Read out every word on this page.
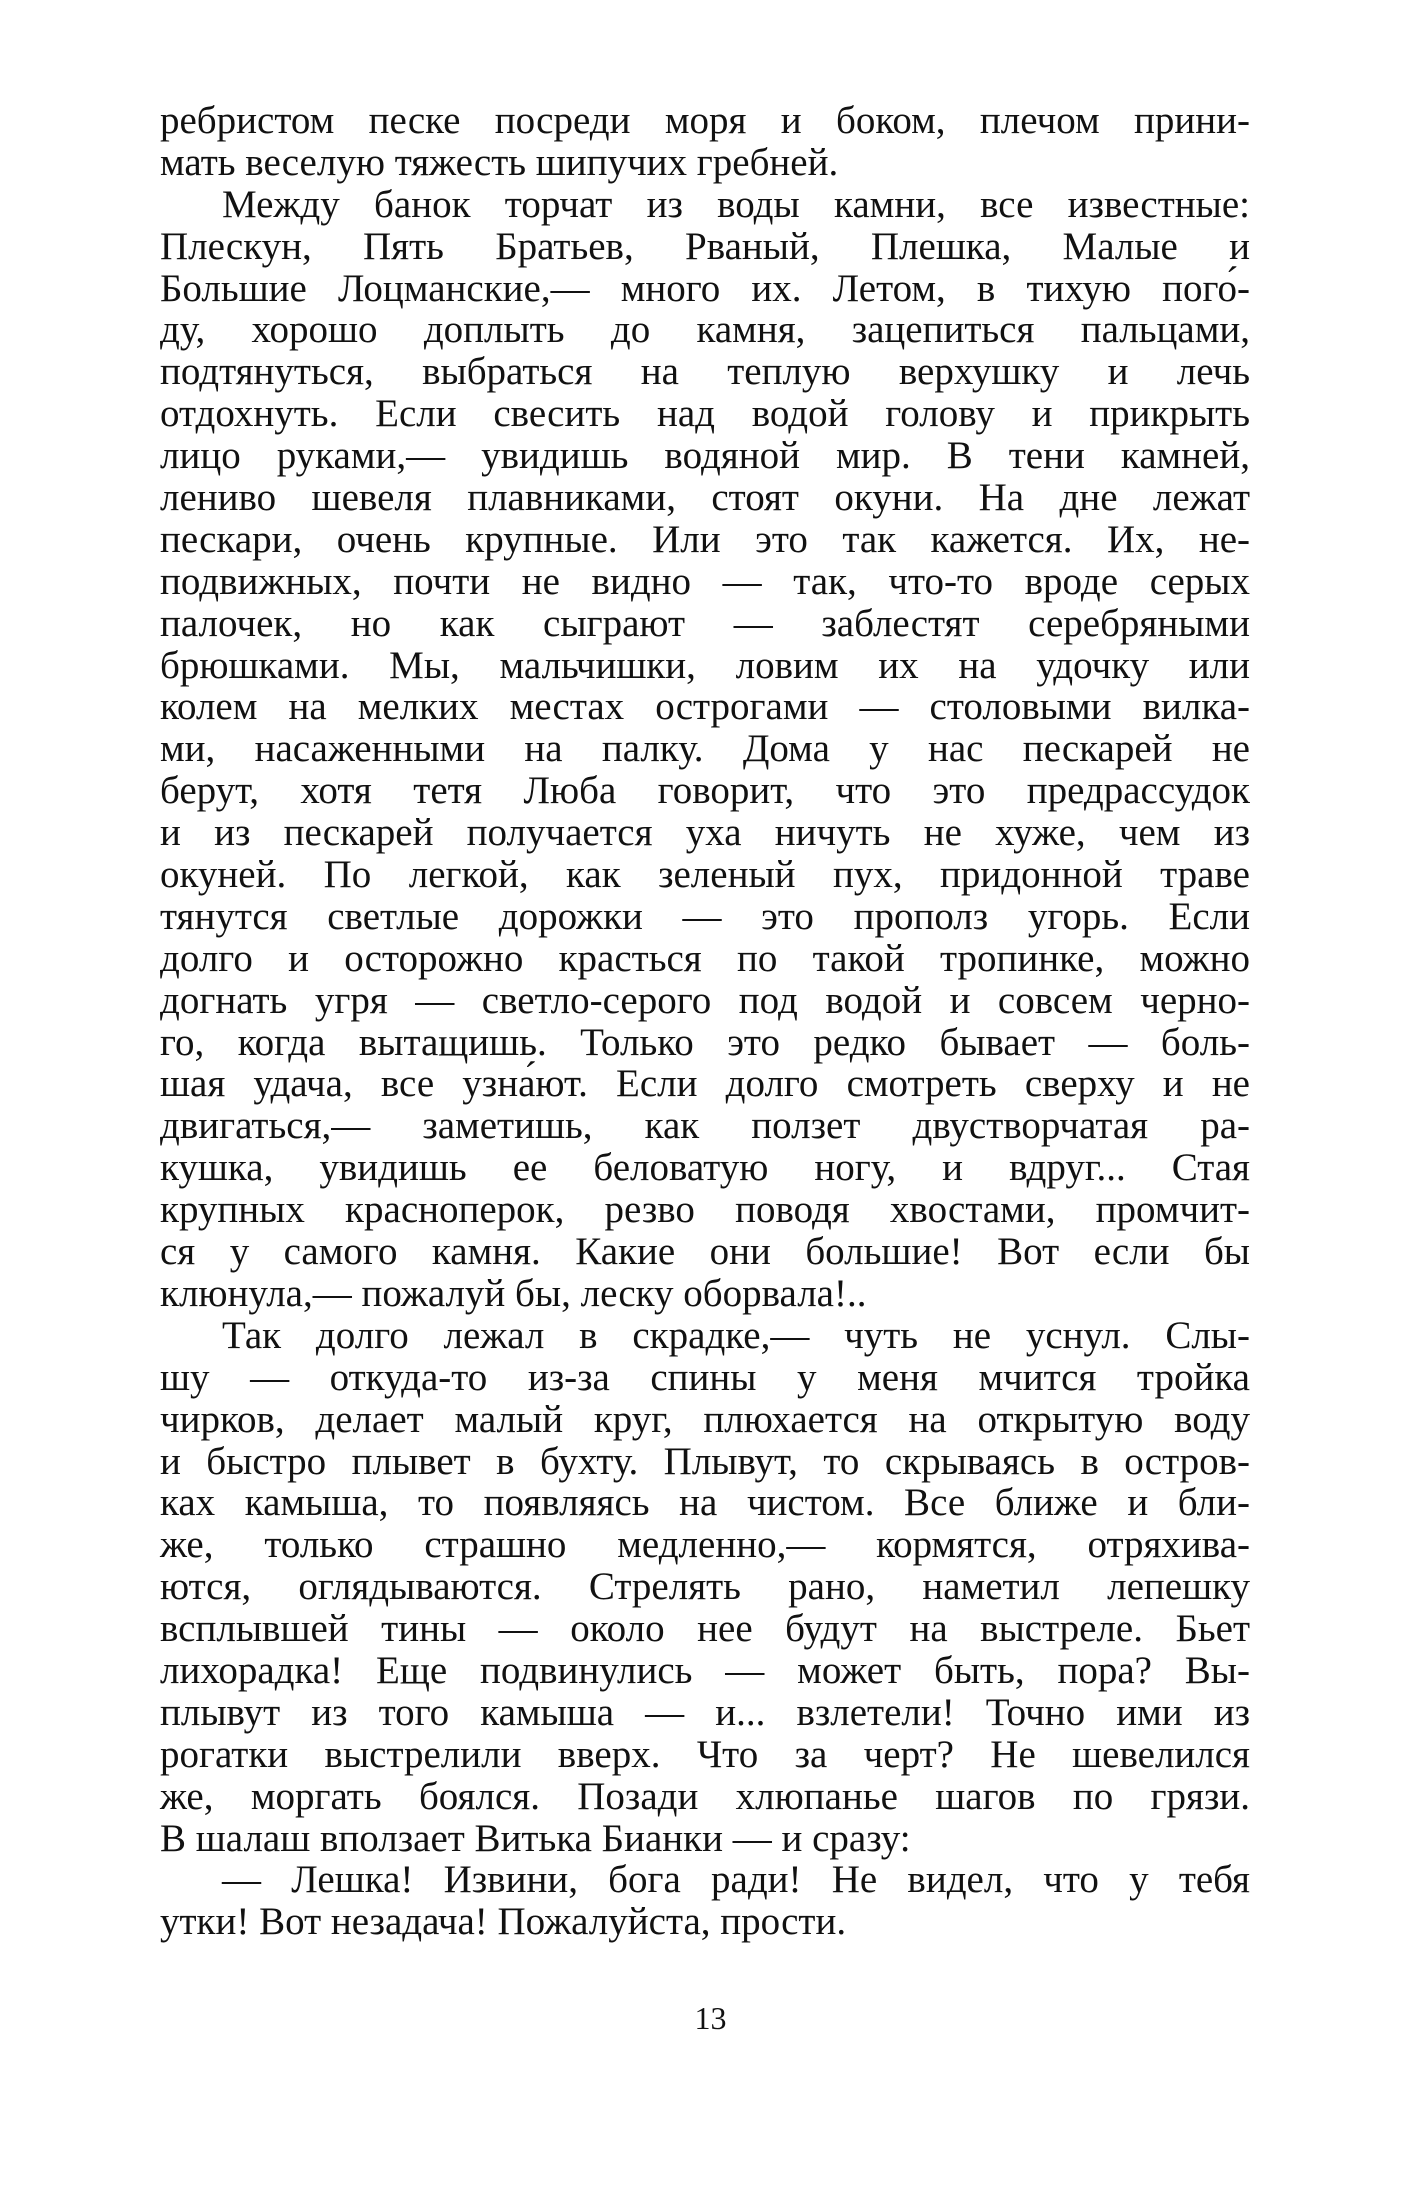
ребристом песке посреди моря и боком, плечом прини-
мать веселую тяжесть шипучих гребней.
Между банок торчат из воды камни, все известные:
Плескун, Пять Братьев, Рваный, Плешка, Малые и
Большие Лоцманские,— много их. Летом, в тихую пого́-
ду, хорошо доплыть до камня, зацепиться пальцами,
подтянуться, выбраться на теплую верхушку и лечь
отдохнуть. Если свесить над водой голову и прикрыть
лицо руками,— увидишь водяной мир. В тени камней,
лениво шевеля плавниками, стоят окуни. На дне лежат
пескари, очень крупные. Или это так кажется. Их, не-
подвижных, почти не видно — так, что-то вроде серых
палочек, но как сыграют — заблестят серебряными
брюшками. Мы, мальчишки, ловим их на удочку или
колем на мелких местах острогами — столовыми вилка-
ми, насаженными на палку. Дома у нас пескарей не
берут, хотя тетя Люба говорит, что это предрассудок
и из пескарей получается уха ничуть не хуже, чем из
окуней. По легкой, как зеленый пух, придонной траве
тянутся светлые дорожки — это прополз угорь. Если
долго и осторожно красться по такой тропинке, можно
догнать угря — светло-серого под водой и совсем черно-
го, когда вытащишь. Только это редко бывает — боль-
шая удача, все узна́ют. Если долго смотреть сверху и не
двигаться,— заметишь, как ползет двустворчатая ра-
кушка, увидишь ее беловатую ногу, и вдруг... Стая
крупных красноперок, резво поводя хвостами, промчит-
ся у самого камня. Какие они большие! Вот если бы
клюнула,— пожалуй бы, леску оборвала!..
Так долго лежал в скрадке,— чуть не уснул. Слы-
шу — откуда-то из-за спины у меня мчится тройка
чирков, делает малый круг, плюхается на открытую воду
и быстро плывет в бухту. Плывут, то скрываясь в остров-
ках камыша, то появляясь на чистом. Все ближе и бли-
же, только страшно медленно,— кормятся, отряхива-
ются, оглядываются. Стрелять рано, наметил лепешку
всплывшей тины — около нее будут на выстреле. Бьет
лихорадка! Еще подвинулись — может быть, пора? Вы-
плывут из того камыша — и... взлетели! Точно ими из
рогатки выстрелили вверх. Что за черт? Не шевелился
же, моргать боялся. Позади хлюпанье шагов по грязи.
В шалаш вползает Витька Бианки — и сразу:
— Лешка! Извини, бога ради! Не видел, что у тебя
утки! Вот незадача! Пожалуйста, прости.
13
